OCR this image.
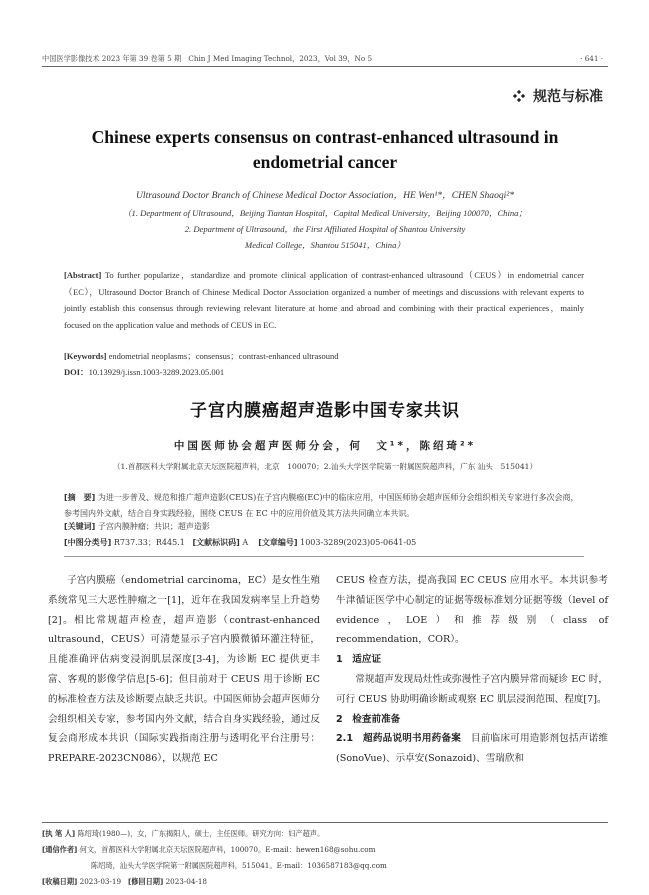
中国医学影像技术 2023 年第 39 卷第 5 期　Chin J Med Imaging Technol，2023，Vol 39，No 5	· 641 ·
规范与标准
Chinese experts consensus on contrast-enhanced ultrasound in endometrial cancer
Ultrasound Doctor Branch of Chinese Medical Doctor Association，HE Wen¹*，CHEN Shaoqi²*
（1. Department of Ultrasound，Beijing Tiantan Hospital，Capital Medical University，Beijing 100070，China；
2. Department of Ultrasound，the First Affiliated Hospital of Shantou University
Medical College，Shantou 515041，China）
[Abstract] To further popularize，standardize and promote clinical application of contrast-enhanced ultrasound（CEUS）in endometrial cancer（EC），Ultrasound Doctor Branch of Chinese Medical Doctor Association organized a number of meetings and discussions with relevant experts to jointly establish this consensus through reviewing relevant literature at home and abroad and combining with their practical experiences，mainly focused on the application value and methods of CEUS in EC.
[Keywords] endometrial neoplasms；consensus；contrast-enhanced ultrasound
DOI：10.13929/j.issn.1003-3289.2023.05.001
子宫内膜癌超声造影中国专家共识
中国医师协会超声医师分会，何　文¹*，陈绍琦²*
（1.首都医科大学附属北京天坛医院超声科，北京　100070；2.汕头大学医学院第一附属医院超声科，广东 汕头　515041）
[摘　要] 为进一步普及、规范和推广超声造影(CEUS)在子宫内膜癌(EC)中的临床应用，中国医师协会超声医师分会组织相关专家进行多次会商，参考国内外文献，结合自身实践经验，围绕 CEUS 在 EC 中的应用价值及其方法共同确立本共识。
[关键词] 子宫内膜肿瘤；共识；超声造影
[中图分类号] R737.33；R445.1 [文献标识码] A [文章编号] 1003-3289(2023)05-0641-05

子宫内膜癌（endometrial carcinoma，EC）是女性生殖系统常见三大恶性肿瘤之一[1]，近年在我国发病率呈上升趋势[2]。相比常规超声检查，超声造影（contrast-enhanced ultrasound，CEUS）可清楚显示子宫内膜微循环灌注特征，且能准确评估病变浸润肌层深度[3-4]，为诊断 EC 提供更丰富、客观的影像学信息[5-6]；但目前对于 CEUS 用于诊断 EC 的标准检查方法及诊断要点缺乏共识。中国医师协会超声医师分会组织相关专家，参考国内外文献，结合自身实践经验，通过反复会商形成本共识（国际实践指南注册与透明化平台注册号：PREPARE-2023CN086），以规范 EC

CEUS 检查方法，提高我国 EC CEUS 应用水平。本共识参考牛津循证医学中心制定的证据等级标准划分证据等级（level of evidence，LOE）和推荐级别（class of recommendation，COR）。

1　适应证

常规超声发现局灶性或弥漫性子宫内膜异常而疑诊 EC 时，可行 CEUS 协助明确诊断或观察 EC 肌层浸润范围、程度[7]。

2　检查前准备

2.1　超药品说明书用药备案　 目前临床可用造影剂包括声诺维(SonoVue)、示卓安(Sonazoid)、雪瑞欣和

[执 笔 人] 陈绍琦(1980—)，女，广东揭阳人，硕士，主任医师。研究方向：妇产超声。
[通信作者] 何文，首都医科大学附属北京天坛医院超声科，100070。E-mail：hewen168@sohu.com
陈绍琦，汕头大学医学院第一附属医院超声科，515041。E-mail：1036587183@qq.com
[收稿日期] 2023-03-19 [修回日期] 2023-04-18
